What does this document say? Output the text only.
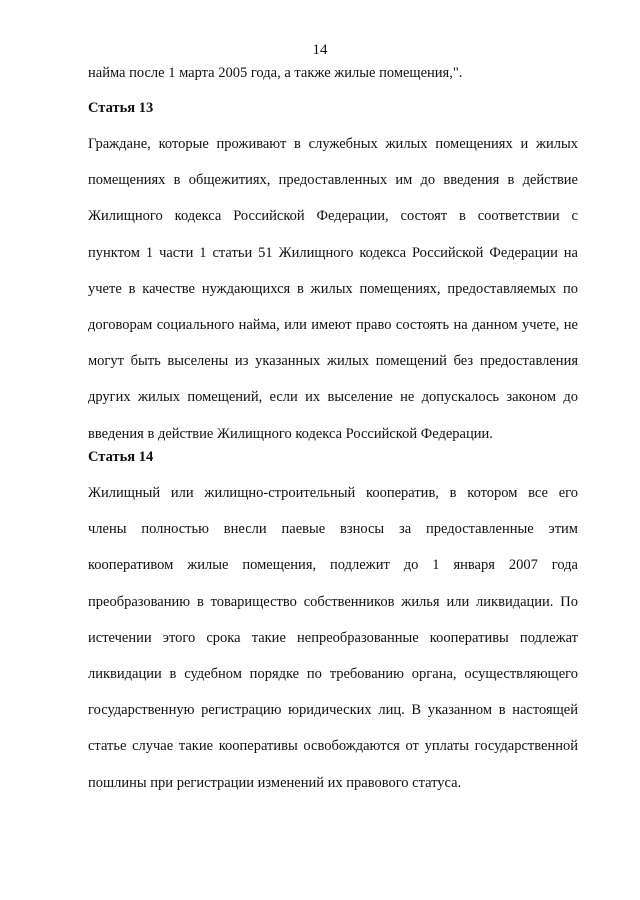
14
найма после 1 марта 2005 года, а также жилые помещения,".
Статья 13
Граждане, которые проживают в служебных жилых помещениях и жилых
помещениях в общежитиях, предоставленных им до введения в действие
Жилищного кодекса Российской Федерации, состоят в соответствии с
пунктом 1 части 1 статьи 51 Жилищного кодекса Российской Федерации на
учете в качестве нуждающихся в жилых помещениях, предоставляемых по
договорам социального найма, или имеют право состоять на данном учете, не
могут быть выселены из указанных жилых помещений без предоставления
других жилых помещений, если их выселение не допускалось законом до
введения в действие Жилищного кодекса Российской Федерации.
Статья 14
Жилищный или жилищно-строительный кооператив, в котором все его
члены полностью внесли паевые взносы за предоставленные этим
кооперативом жилые помещения, подлежит до 1 января 2007 года
преобразованию в товарищество собственников жилья или ликвидации. По
истечении этого срока такие непреобразованные кооперативы подлежат
ликвидации в судебном порядке по требованию органа, осуществляющего
государственную регистрацию юридических лиц. В указанном в настоящей
статье случае такие кооперативы освобождаются от уплаты государственной
пошлины при регистрации изменений их правового статуса.
